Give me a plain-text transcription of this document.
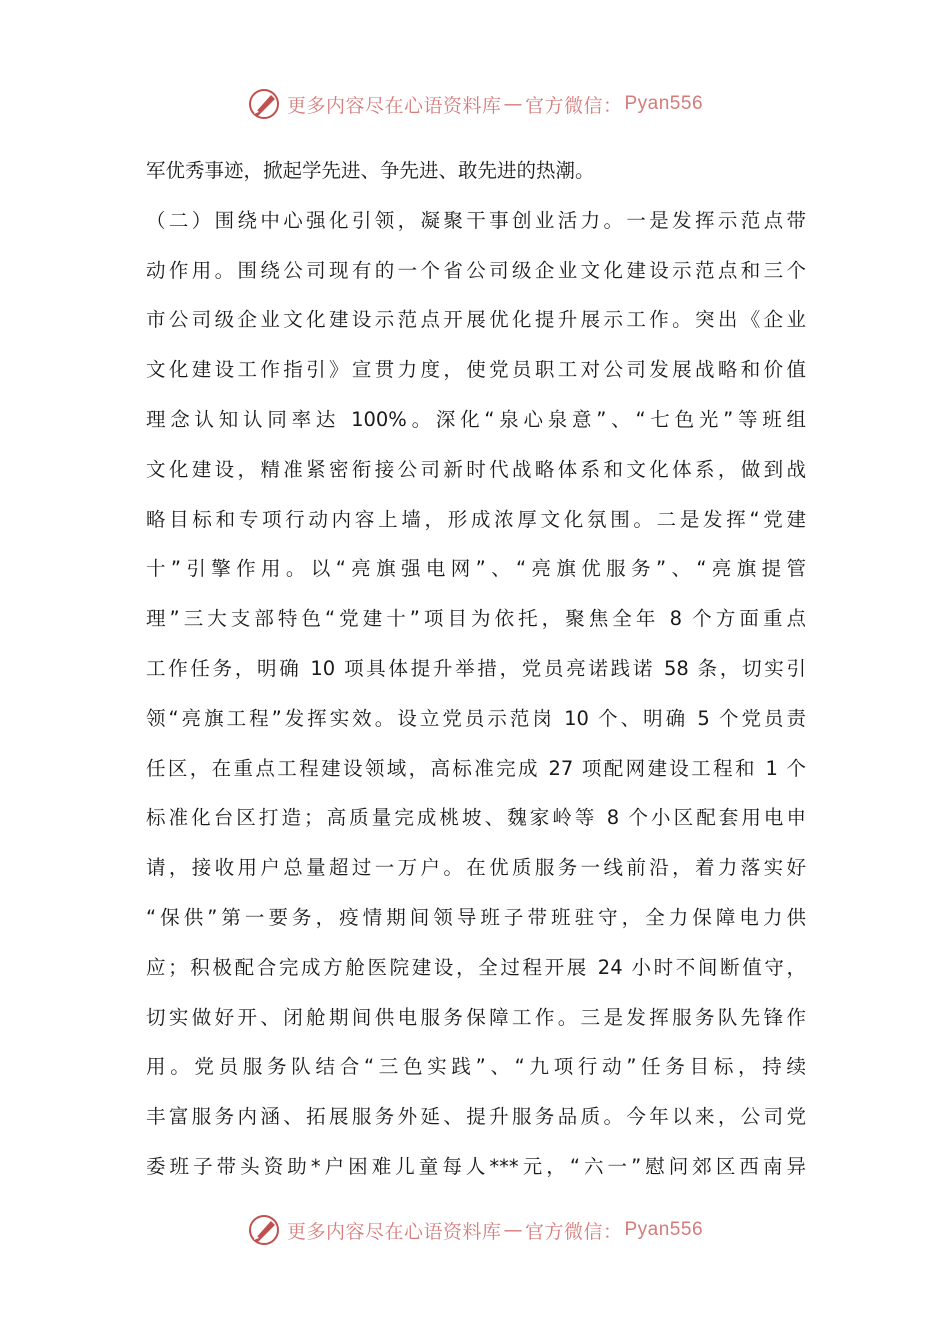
更多内容尽在心语资料库 — 官方微信： Pyan556
军优秀事迹，掀起学先进、争先进、敢先进的热潮。
（二）围绕中心强化引领，凝聚干事创业活力。一是发挥示范点带
动作用。围绕公司现有的一个省公司级企业文化建设示范点和三个
市公司级企业文化建设示范点开展优化提升展示工作。突出《企业
文化建设工作指引》宣贯力度，使党员职工对公司发展战略和价值
理念认知认同率达 100%。深化“泉心泉意”、“七色光”等班组
文化建设，精准紧密衔接公司新时代战略体系和文化体系，做到战
略目标和专项行动内容上墙，形成浓厚文化氛围。二是发挥“党建
十”引擎作用。以“亮旗强电网”、“亮旗优服务”、“亮旗提管
理”三大支部特色“党建十”项目为依托，聚焦全年 8 个方面重点
工作任务，明确 10 项具体提升举措，党员亮诺践诺 58 条，切实引
领“亮旗工程”发挥实效。设立党员示范岗 10 个、明确 5 个党员责
任区，在重点工程建设领域，高标准完成 27 项配网建设工程和 1 个
标准化台区打造；高质量完成桃坡、魏家岭等 8 个小区配套用电申
请，接收用户总量超过一万户。在优质服务一线前沿，着力落实好
“保供”第一要务，疫情期间领导班子带班驻守，全力保障电力供
应；积极配合完成方舱医院建设，全过程开展 24 小时不间断值守，
切实做好开、闭舱期间供电服务保障工作。三是发挥服务队先锋作
用。党员服务队结合“三色实践”、“九项行动”任务目标，持续
丰富服务内涵、拓展服务外延、提升服务品质。今年以来，公司党
委班子带头资助*户困难儿童每人***元，“六一”慰问郊区西南异
更多内容尽在心语资料库 — 官方微信： Pyan556
